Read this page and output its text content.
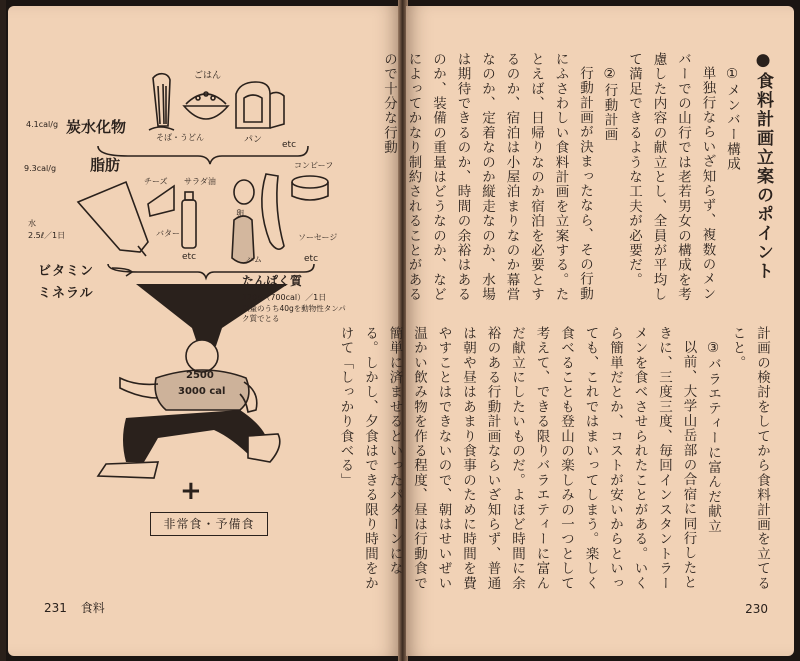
ごはん
そば・うどん	パン
4.1cal/g 炭水化物
etc
9.3cal/g 脂肪
チーズ サラダ油
コンビーフ
バター
卵
ハム
ソーセージ
etc	etc
水
2.5ℓ／1日
ビタミン
ミネラル
たんぱく質
120g（700cal）／1日
以量のうち40gを動物性タンパク質でとる
2500
3000 cal
+
非常食・予備食
231 食料
●食料計画立案のポイント

①メンバー構成

単独行ならいざ知らず、複数のメンバーでの山行では老若男女の構成を考慮した内容の献立とし、全員が平均して満足できるような工夫が必要だ。

②行動計画

行動計画が決まったなら、その行動にふさわしい食料計画を立案する。たとえば、日帰りなのか宿泊を必要とするのか、宿泊は小屋泊まりなのか幕営なのか、定着なのか縦走なのか、水場は期待できるのか、時間の余裕はあるのか、装備の重量はどうなのか、などによってかなり制約されることがあるので十分な行動

計画の検討をしてから食料計画を立てること。

③バラエティーに富んだ献立

以前、大学山岳部の合宿に同行したときに、三度三度、毎回インスタントラーメンを食べさせられたことがある。いくら簡単だとか、コストが安いからといっても、これではまいってしまう。楽しく食べることも登山の楽しみの一つとして考えて、できる限りバラエティーに富んだ献立にしたいものだ。よほど時間に余裕のある行動計画ならいざ知らず、普通は朝や昼はあまり食事のために時間を費やすことはできないので、朝はせいぜい温かい飲み物を作る程度、昼は行動食で簡単に済ませるといったパターンになる。しかし、夕食はできる限り時間をかけて「しっかり食べる」

230
